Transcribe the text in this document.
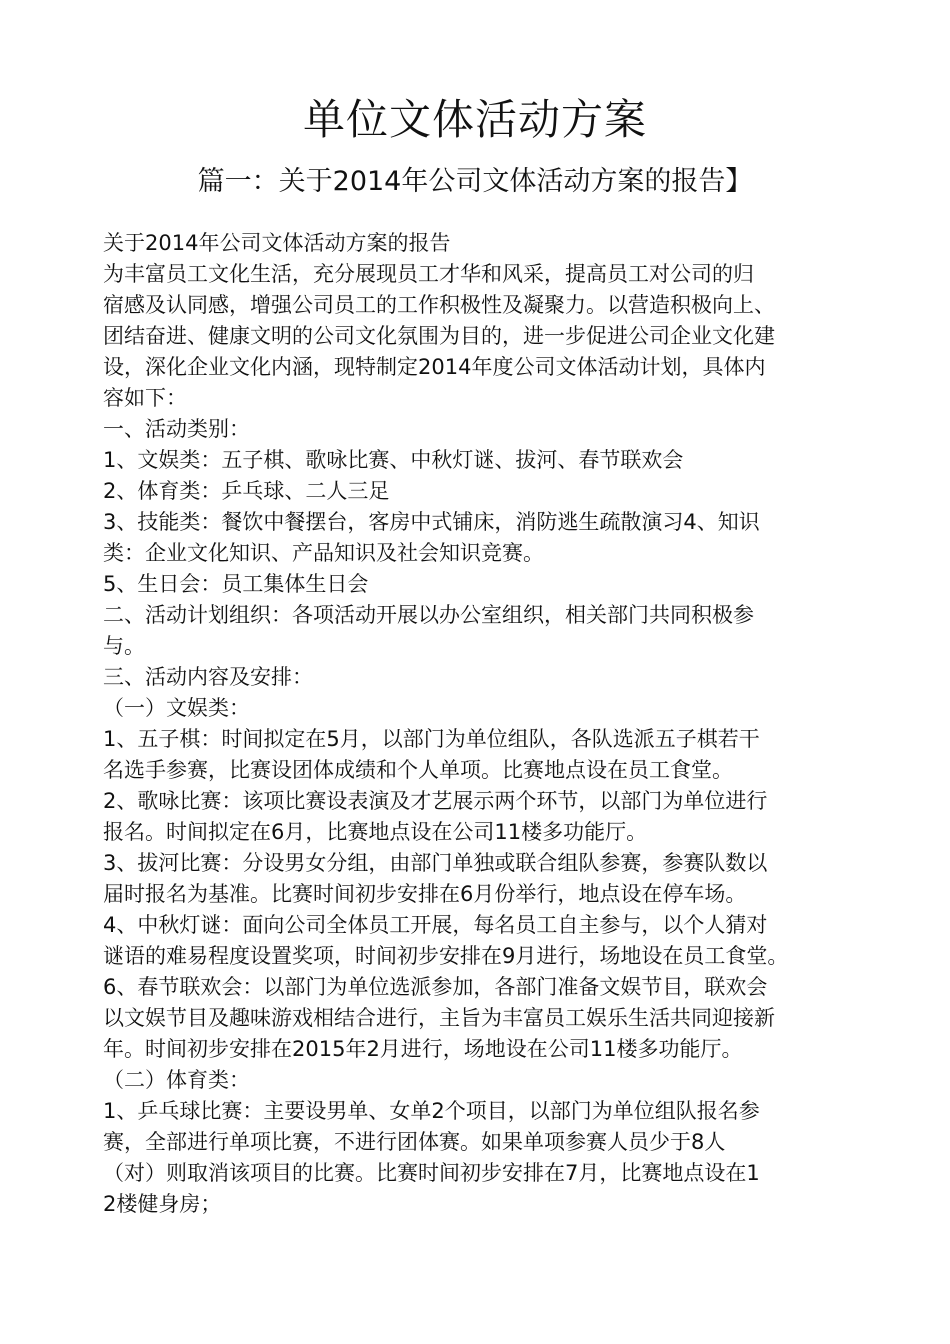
单位文体活动方案
篇一：关于2014年公司文体活动方案的报告】
关于2014年公司文体活动方案的报告
为丰富员工文化生活，充分展现员工才华和风采，提高员工对公司的归
宿感及认同感，增强公司员工的工作积极性及凝聚力。以营造积极向上、
团结奋进、健康文明的公司文化氛围为目的，进一步促进公司企业文化建
设，深化企业文化内涵，现特制定2014年度公司文体活动计划，具体内
容如下：
一、活动类别：
1、文娱类：五子棋、歌咏比赛、中秋灯谜、拔河、春节联欢会
2、体育类：乒乓球、二人三足
3、技能类：餐饮中餐摆台，客房中式铺床，消防逃生疏散演习4、知识
类：企业文化知识、产品知识及社会知识竞赛。
5、生日会：员工集体生日会
二、活动计划组织：各项活动开展以办公室组织，相关部门共同积极参
与。
三、活动内容及安排：
（一）文娱类：
1、五子棋：时间拟定在5月，以部门为单位组队，各队选派五子棋若干
名选手参赛，比赛设团体成绩和个人单项。比赛地点设在员工食堂。
2、歌咏比赛：该项比赛设表演及才艺展示两个环节，以部门为单位进行
报名。时间拟定在6月，比赛地点设在公司11楼多功能厅。
3、拔河比赛：分设男女分组，由部门单独或联合组队参赛，参赛队数以
届时报名为基准。比赛时间初步安排在6月份举行，地点设在停车场。
4、中秋灯谜：面向公司全体员工开展，每名员工自主参与，以个人猜对
谜语的难易程度设置奖项，时间初步安排在9月进行，场地设在员工食堂。
6、春节联欢会：以部门为单位选派参加，各部门准备文娱节目，联欢会
以文娱节目及趣味游戏相结合进行，主旨为丰富员工娱乐生活共同迎接新
年。时间初步安排在2015年2月进行，场地设在公司11楼多功能厅。
（二）体育类：
1、乒乓球比赛：主要设男单、女单2个项目，以部门为单位组队报名参
赛，全部进行单项比赛，不进行团体赛。如果单项参赛人员少于8人
（对）则取消该项目的比赛。比赛时间初步安排在7月，比赛地点设在1
2楼健身房；
